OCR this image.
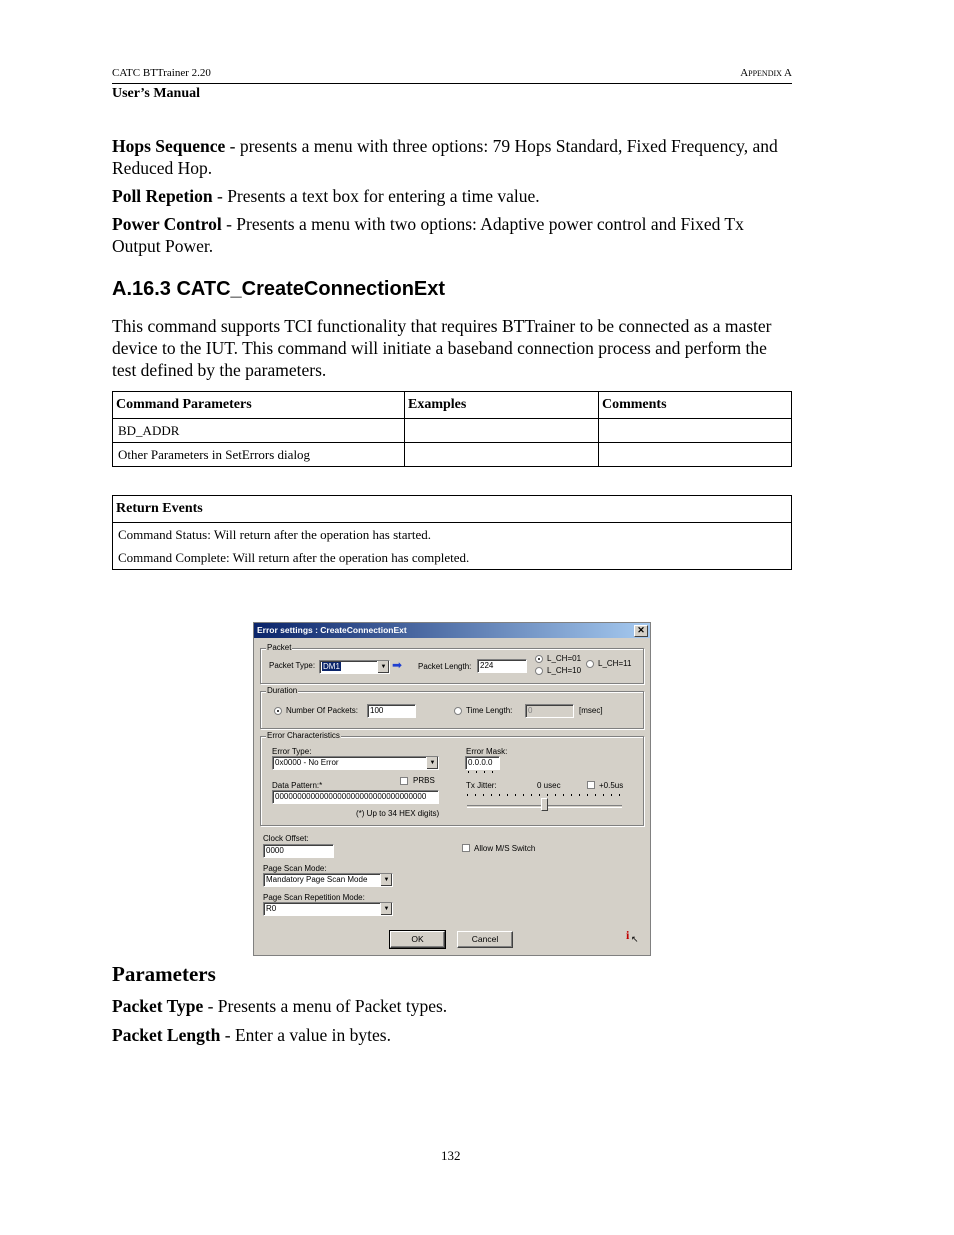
CATC BTTrainer 2.20	Appendix A
User’s Manual
Hops Sequence - presents a menu with three options: 79 Hops Standard, Fixed Frequency, and Reduced Hop.
Poll Repetion - Presents a text box for entering a time value.
Power Control - Presents a menu with two options: Adaptive power control and Fixed Tx Output Power.
A.16.3 CATC_CreateConnectionExt
This command supports TCI functionality that requires BTTrainer to be connected as a master device to the IUT. This command will initiate a baseband connection process and perform the test defined by the parameters.
Command Parameters	Examples	Comments
BD_ADDR		
Other Parameters in SetErrors dialog		
Return Events

Command Status: Will return after the operation has started.
Command Complete: Will return after the operation has completed.
Error settings : CreateConnectionExt	✕
Packet
Packet Type: DM1	▼ ➡ Packet Length:	224
L_CH=01
L_CH=10
L_CH=11
Duration
Number Of Packets:	100	Time Length:	0	[msec]
Error Characteristics
Error Type:
0x0000 - No Error	▼
Error Mask:
0.0.0.0
PRBS
Data Pattern:*
0000000000000000000000000000000000
(*) Up to 34 HEX digits)
Tx Jitter:	0 usec	+0.5us
Clock Offset:
0000	Allow M/S Switch
Page Scan Mode:
Mandatory Page Scan Mode	▼
Page Scan Repetition Mode:
R0	▼
OK	Cancel	i ↖
Parameters
Packet Type - Presents a menu of Packet types.
Packet Length - Enter a value in bytes.
132
